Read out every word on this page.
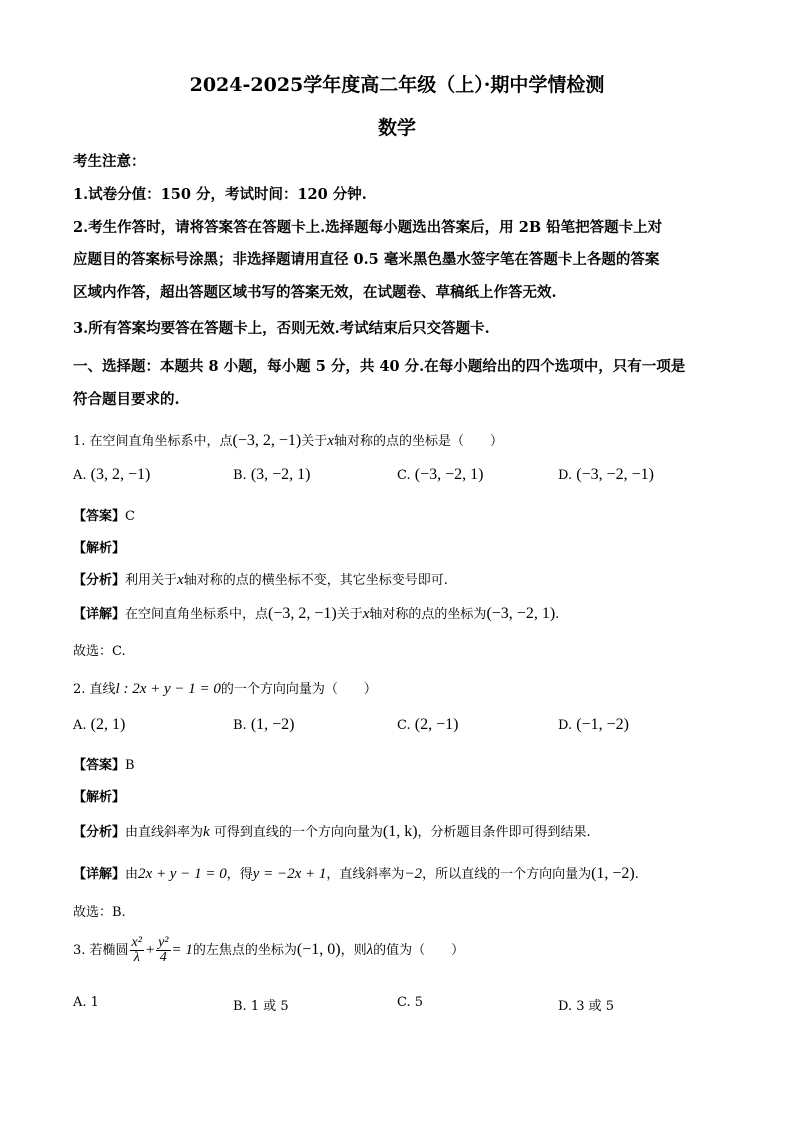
2024-2025学年度高二年级（上）·期中学情检测
数学
考生注意：
1.试卷分值：150 分，考试时间：120 分钟.
2.考生作答时，请将答案答在答题卡上.选择题每小题选出答案后，用 2B 铅笔把答题卡上对
应题目的答案标号涂黑；非选择题请用直径 0.5 毫米黑色墨水签字笔在答题卡上各题的答案
区域内作答，超出答题区域书写的答案无效，在试题卷、草稿纸上作答无效.
3.所有答案均要答在答题卡上，否则无效.考试结束后只交答题卡.
一、选择题：本题共 8 小题，每小题 5 分，共 40 分.在每小题给出的四个选项中，只有一项是
符合题目要求的.
1. 在空间直角坐标系中，点(−3, 2, −1)关于x轴对称的点的坐标是（　　）
A. (3, 2, −1)	B. (3, −2, 1)	C. (−3, −2, 1)	D. (−3, −2, −1)
【答案】C
【解析】
【分析】利用关于x轴对称的点的横坐标不变，其它坐标变号即可.
【详解】在空间直角坐标系中，点(−3, 2, −1)关于x轴对称的点的坐标为(−3, −2, 1).
故选：C.
2. 直线l : 2x + y − 1 = 0的一个方向向量为（　　）
A. (2, 1)	B. (1, −2)	C. (2, −1)	D. (−1, −2)
【答案】B
【解析】
【分析】由直线斜率为k 可得到直线的一个方向向量为(1, k)，分析题目条件即可得到结果.
【详解】由2x + y − 1 = 0，得y = −2x + 1，直线斜率为−2，所以直线的一个方向向量为(1, −2).
故选：B.
3. 若椭圆 $\frac{\text{x²}}{\lambda} + \frac{\text{y²}}{4} = 1$的左焦点的坐标为(−1, 0)，则λ的值为（　　）
A. 1	B. 1 或 5	C. 5	D. 3 或 5
